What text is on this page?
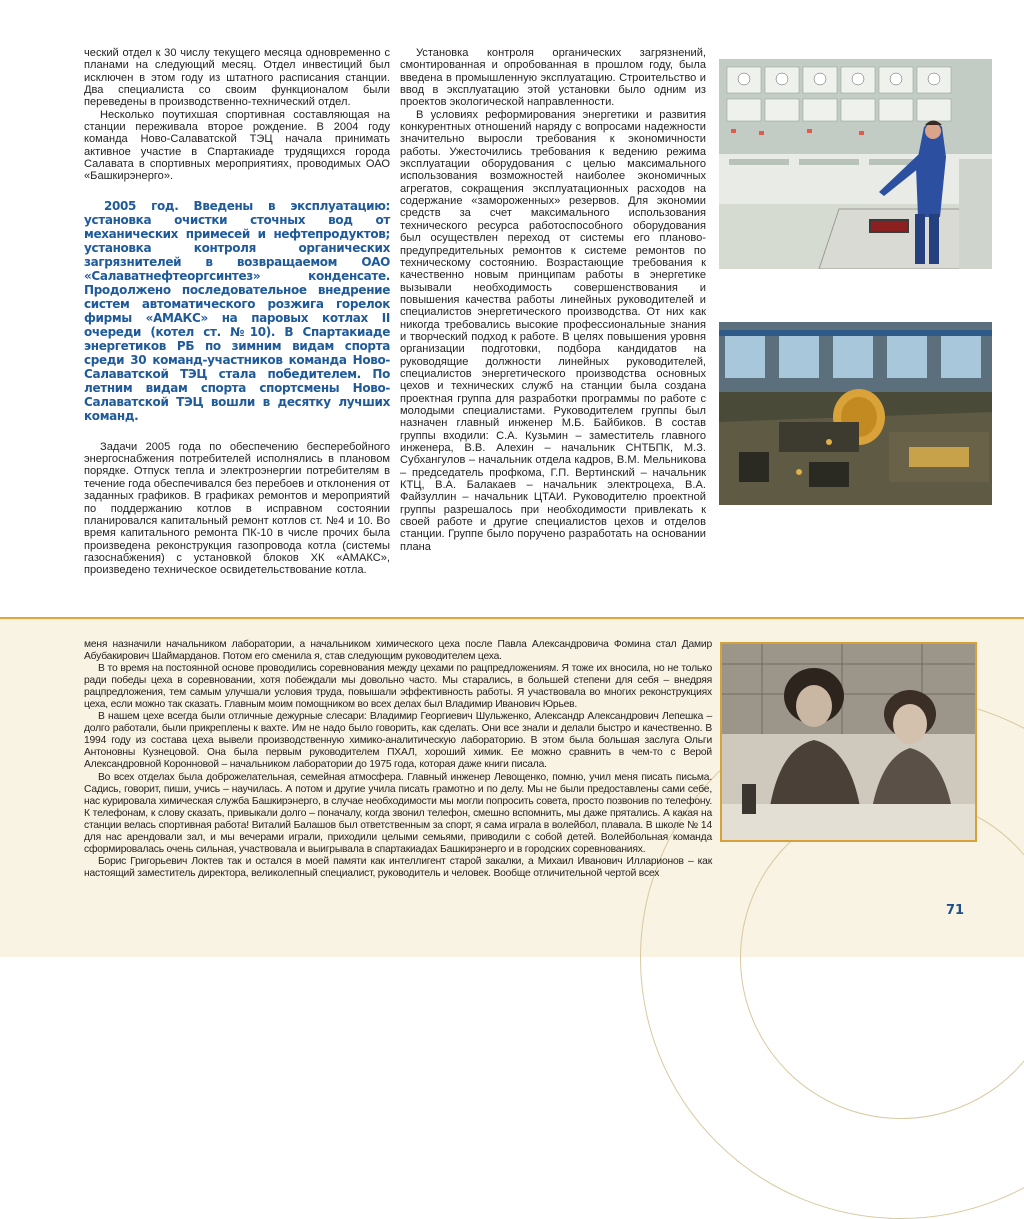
ческий отдел к 30 числу текущего месяца одновременно с планами на следующий месяц. Отдел инвестиций был исключен в этом году из штатного расписания станции. Два специалиста со своим функционалом были переведены в производственно-технический отдел.

Несколько поутихшая спортивная составляющая на станции переживала второе рождение. В 2004 году команда Ново-Салаватской ТЭЦ начала принимать активное участие в Спартакиаде трудящихся города Салавата в спортивных мероприятиях, проводимых ОАО «Башкирэнерго».

2005 год. Введены в эксплуатацию: установка очистки сточных вод от механических примесей и нефтепродуктов; установка контроля органических загрязнителей в возвращаемом ОАО «Салаватнефтеоргсинтез» конденсате. Продолжено последовательное внедрение систем автоматического розжига горелок фирмы «АМАКС» на паровых котлах II очереди (котел ст. №10). В Спартакиаде энергетиков РБ по зимним видам спорта среди 30 команд-участников команда Ново-Салаватской ТЭЦ стала победителем. По летним видам спорта спортсмены Ново-Салаватской ТЭЦ вошли в десятку лучших команд.

Задачи 2005 года по обеспечению бесперебойного энергоснабжения потребителей исполнялись в плановом порядке. Отпуск тепла и электроэнергии потребителям в течение года обеспечивался без перебоев и отклонения от заданных графиков. В графиках ремонтов и мероприятий по поддержанию котлов в исправном состоянии планировался капитальный ремонт котлов ст. №4 и 10. Во время капитального ремонта ПК-10 в числе прочих была произведена реконструкция газопровода котла (системы газоснабжения) с установкой блоков ХК «АМАКС», произведено техническое освидетельствование котла.

Установка контроля органических загрязнений, смонтированная и опробованная в прошлом году, была введена в промышленную эксплуатацию. Строительство и ввод в эксплуатацию этой установки было одним из проектов экологической направленности.

В условиях реформирования энергетики и развития конкурентных отношений наряду с вопросами надежности значительно выросли требования к экономичности работы. Ужесточились требования к ведению режима эксплуатации оборудования с целью максимального использования возможностей наиболее экономичных агрегатов, сокращения эксплуатационных расходов на содержание «замороженных» резервов. Для экономии средств за счет максимального использования технического ресурса работоспособного оборудования был осуществлен переход от системы его планово-предупредительных ремонтов к системе ремонтов по техническому состоянию. Возрастающие требования к качественно новым принципам работы в энергетике вызывали необходимость совершенствования и повышения качества работы линейных руководителей и специалистов энергетического производства. От них как никогда требовались высокие профессиональные знания и творческий подход к работе. В целях повышения уровня организации подготовки, подбора кандидатов на руководящие должности линейных руководителей, специалистов энергетического производства основных цехов и технических служб на станции была создана проектная группа для разработки программы по работе с молодыми специалистами. Руководителем группы был назначен главный инженер М.Б. Байбиков. В состав группы входили: С.А. Кузьмин – заместитель главного инженера, В.В. Алехин – начальник СНТБПК, М.З. Субхангулов – начальник отдела кадров, В.М. Мельникова – председатель профкома, Г.П. Вертинский – начальник КТЦ, В.А. Балакаев – начальник электроцеха, В.А. Файзуллин – начальник ЦТАИ. Руководителю проектной группы разрешалось при необходимости привлекать к своей работе и другие специалистов цехов и отделов станции. Группе было поручено разработать на основании плана

меня назначили начальником лаборатории, а начальником химического цеха после Павла Александровича Фомина стал Дамир Абубакирович Шаймарданов. Потом его сменила я, став следующим руководителем цеха.

В то время на постоянной основе проводились соревнования между цехами по рацпредложениям. Я тоже их вносила, но не только ради победы цеха в соревновании, хотя побеждали мы довольно часто. Мы старались, в большей степени для себя – внедряя рацпредложения, тем самым улучшали условия труда, повышали эффективность работы. Я участвовала во многих реконструкциях цеха, если можно так сказать. Главным моим помощником во всех делах был Владимир Иванович Юрьев.

В нашем цехе всегда были отличные дежурные слесари: Владимир Георгиевич Шульженко, Александр Александрович Лепешка – долго работали, были прикреплены к вахте. Им не надо было говорить, как сделать. Они все знали и делали быстро и качественно. В 1994 году из состава цеха вывели производственную химико-аналитическую лабораторию. В этом была большая заслуга Ольги Антоновны Кузнецовой. Она была первым руководителем ПХАЛ, хороший химик. Ее можно сравнить в чем-то с Верой Александровной Коронновой – начальником лаборатории до 1975 года, которая даже книги писала.

Во всех отделах была доброжелательная, семейная атмосфера. Главный инженер Левощенко, помню, учил меня писать письма. Садись, говорит, пиши, учись – научилась. А потом и другие учила писать грамотно и по делу. Мы не были предоставлены сами себе, нас курировала химическая служба Башкирэнерго, в случае необходимости мы могли попросить совета, просто позвонив по телефону. К телефонам, к слову сказать, привыкали долго – поначалу, когда звонил телефон, смешно вспомнить, мы даже прятались. А какая на станции велась спортивная работа! Виталий Балашов был ответственным за спорт, я сама играла в волейбол, плавала. В школе № 14 для нас арендовали зал, и мы вечерами играли, приходили целыми семьями, приводили с собой детей. Волейбольная команда сформировалась очень сильная, участвовала и выигрывала в спартакиадах Башкирэнерго и в городских соревнованиях.

Борис Григорьевич Локтев так и остался в моей памяти как интеллигент старой закалки, а Михаил Иванович Илларионов – как настоящий заместитель директора, великолепный специалист, руководитель и человек. Вообще отличительной чертой всех

71
